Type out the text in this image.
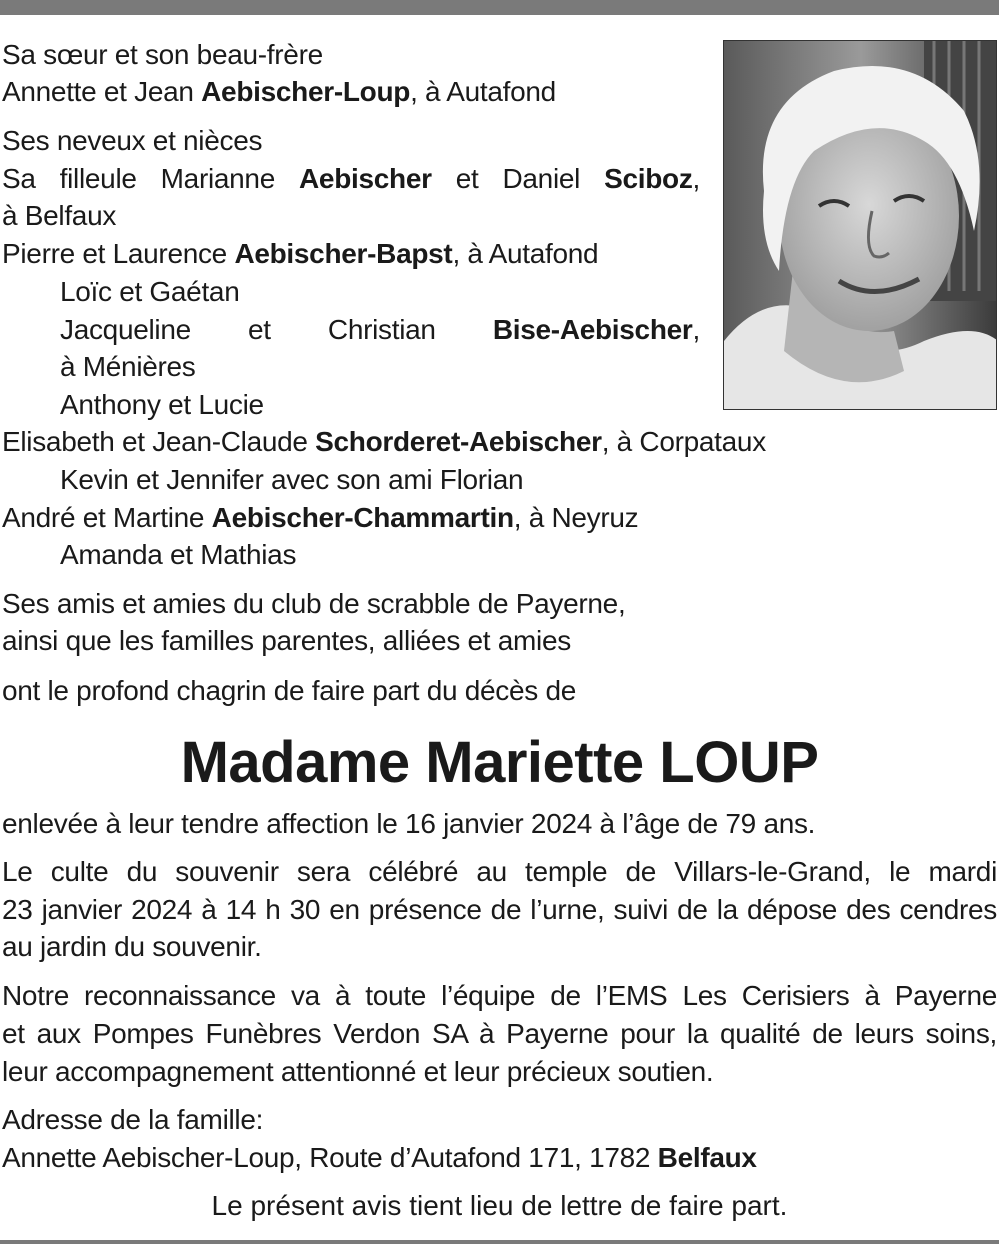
Sa sœur et son beau-frère
Annette et Jean Aebischer-Loup, à Autafond
Ses neveux et nièces
Sa filleule Marianne Aebischer et Daniel Sciboz,
à Belfaux
Pierre et Laurence Aebischer-Bapst, à Autafond
Loïc et Gaétan
Jacqueline et Christian Bise-Aebischer,
à Ménières
Anthony et Lucie
Elisabeth et Jean-Claude Schorderet-Aebischer, à Corpataux
Kevin et Jennifer avec son ami Florian
André et Martine Aebischer-Chammartin, à Neyruz
Amanda et Mathias
Ses amis et amies du club de scrabble de Payerne,
ainsi que les familles parentes, alliées et amies
ont le profond chagrin de faire part du décès de
Madame Mariette LOUP
enlevée à leur tendre affection le 16 janvier 2024 à l’âge de 79 ans.
Le culte du souvenir sera célébré au temple de Villars-le-Grand, le mardi
23 janvier 2024 à 14 h 30 en présence de l’urne, suivi de la dépose des cendres
au jardin du souvenir.
Notre reconnaissance va à toute l’équipe de l’EMS Les Cerisiers à Payerne
et aux Pompes Funèbres Verdon SA à Payerne pour la qualité de leurs soins,
leur accompagnement attentionné et leur précieux soutien.
Adresse de la famille:
Annette Aebischer-Loup, Route d’Autafond 171, 1782 Belfaux
Le présent avis tient lieu de lettre de faire part.
